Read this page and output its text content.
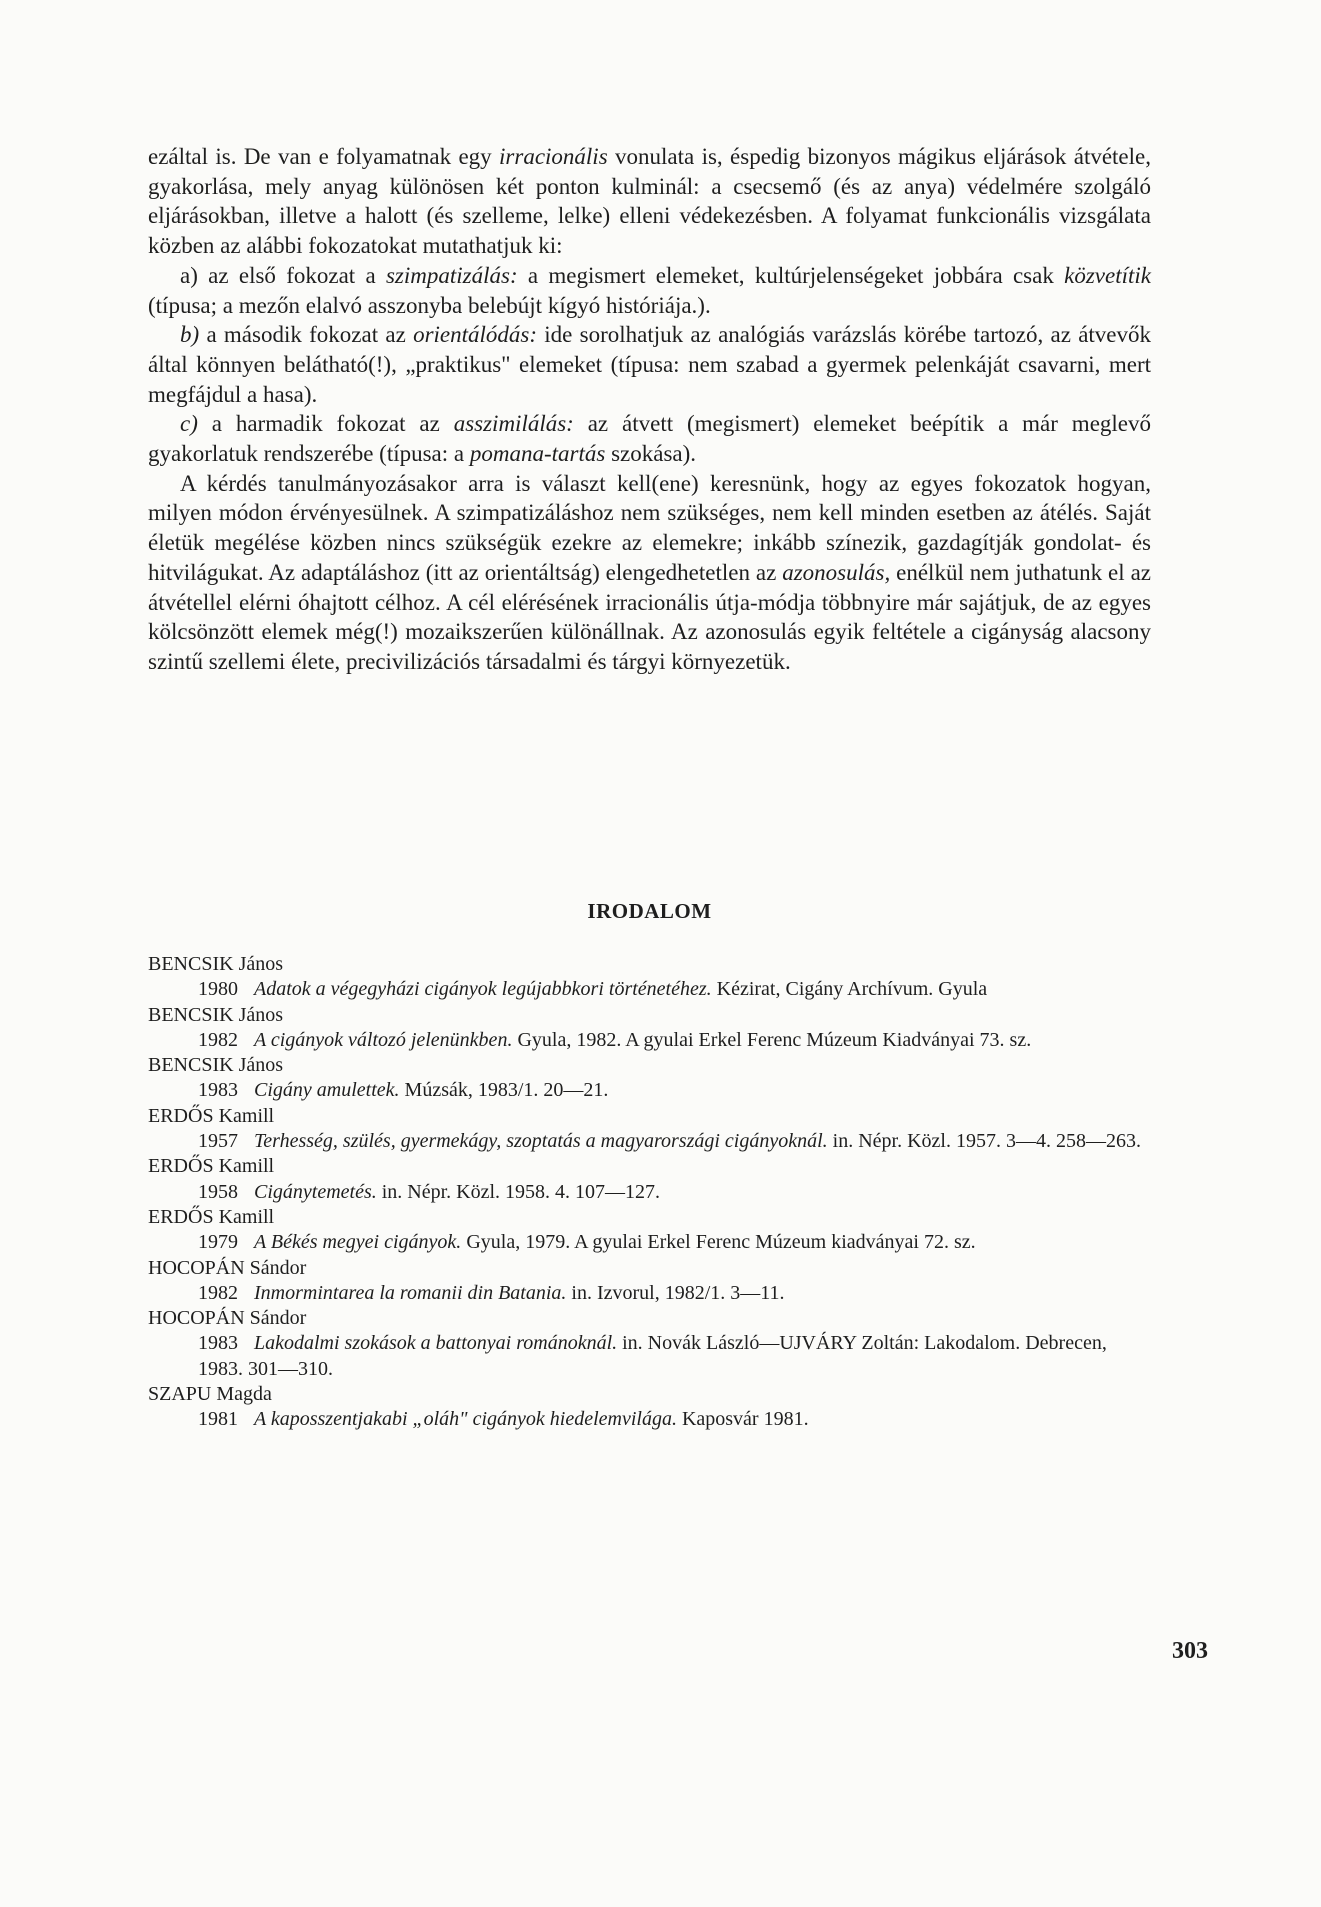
ezáltal is. De van e folyamatnak egy irracionális vonulata is, éspedig bizonyos mágikus eljárások átvétele, gyakorlása, mely anyag különösen két ponton kulminál: a csecsemő (és az anya) védelmére szolgáló eljárásokban, illetve a halott (és szelleme, lelke) elleni védekezésben. A folyamat funkcionális vizsgálata közben az alábbi fokozatokat mutathatjuk ki:

a) az első fokozat a szimpatizálás: a megismert elemeket, kultúrjelenségeket jobbára csak közvetítik (típusa; a mezőn elalvó asszonyba belebújt kígyó históriája.).

b) a második fokozat az orientálódás: ide sorolhatjuk az analógiás varázslás körébe tartozó, az átvevők által könnyen belátható(!), „praktikus" elemeket (típusa: nem szabad a gyermek pelenkáját csavarni, mert megfájdul a hasa).

c) a harmadik fokozat az asszimilálás: az átvett (megismert) elemeket beépítik a már meglevő gyakorlatuk rendszerébe (típusa: a pomana-tartás szokása).

A kérdés tanulmányozásakor arra is választ kell(ene) keresnünk, hogy az egyes fokozatok hogyan, milyen módon érvényesülnek. A szimpatizáláshoz nem szükséges, nem kell minden esetben az átélés. Saját életük megélése közben nincs szükségük ezekre az elemekre; inkább színezik, gazdagítják gondolat- és hitvilágukat. Az adaptáláshoz (itt az orientáltság) elengedhetetlen az azonosulás, enélkül nem juthatunk el az átvétellel elérni óhajtott célhoz. A cél elérésének irracionális útja-módja többnyire már sajátjuk, de az egyes kölcsönzött elemek még(!) mozaikszerűen különállnak. Az azonosulás egyik feltétele a cigányság alacsony szintű szellemi élete, precivilizációs társadalmi és tárgyi környezetük.

IRODALOM
BENCSIK János
1980 Adatok a végegyházi cigányok legújabbkori történetéhez. Kézirat, Cigány Archívum. Gyula
BENCSIK János
1982 A cigányok változó jelenünkben. Gyula, 1982. A gyulai Erkel Ferenc Múzeum Kiadványai 73. sz.
BENCSIK János
1983 Cigány amulettek. Múzsák, 1983/1. 20—21.
ERDŐS Kamill
1957 Terhesség, szülés, gyermekágy, szoptatás a magyarországi cigányoknál. in. Népr. Közl. 1957. 3—4. 258—263.
ERDŐS Kamill
1958 Cigánytemetés. in. Népr. Közl. 1958. 4. 107—127.
ERDŐS Kamill
1979 A Békés megyei cigányok. Gyula, 1979. A gyulai Erkel Ferenc Múzeum kiadványai 72. sz.
HOCOPÁN Sándor
1982 Inmormintarea la romanii din Batania. in. Izvorul, 1982/1. 3—11.
HOCOPÁN Sándor
1983 Lakodalmi szokások a battonyai románoknál. in. Novák László—UJVÁRY Zoltán: Lakodalom. Debrecen, 1983. 301—310.
SZAPU Magda
1981 A kaposszentjakabi „oláh" cigányok hiedelemvilága. Kaposvár 1981.
303
